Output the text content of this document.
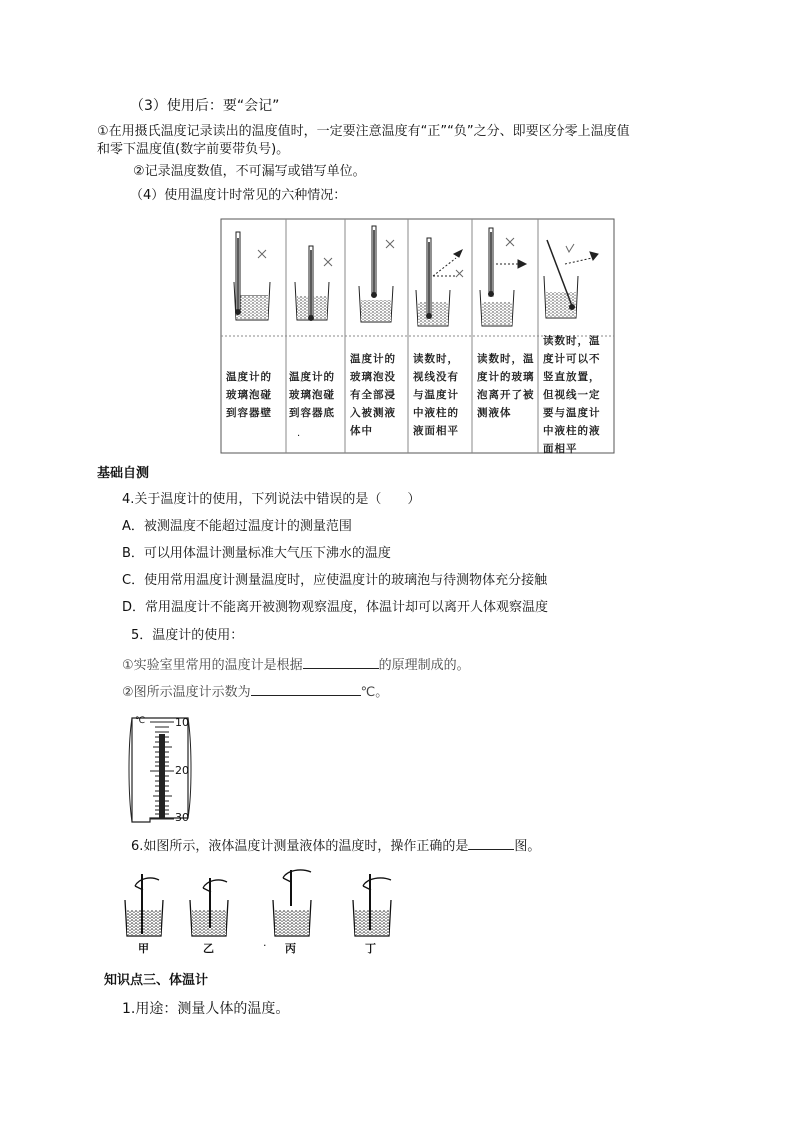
（3）使用后：要“会记”
①在用摄氏温度记录读出的温度值时，一定要注意温度有“正”“负”之分、即要区分零上温度值
和零下温度值(数字前要带负号)。
②记录温度数值，不可漏写或错写单位。
（4）使用温度计时常见的六种情况：
温度计的玻璃泡碰到容器壁
温度计的玻璃泡碰到容器底
.
温度计的玻璃泡没有全部浸入被测液体中
读数时，视线没有与温度计中液柱的液面相平
读数时，温度计的玻璃泡离开了被测液体
读数时，温度计可以不竖直放置，但视线一定要与温度计中液柱的液面相平
基础自测
4.关于温度计的使用，下列说法中错误的是（　　）
A．被测温度不能超过温度计的测量范围
B．可以用体温计测量标准大气压下沸水的温度
C．使用常用温度计测量温度时，应使温度计的玻璃泡与待测物体充分接触
D．常用温度计不能离开被测物观察温度，体温计却可以离开人体观察温度
5．温度计的使用：
①实验室里常用的温度计是根据	的原理制成的。
②图所示温度计示数为	℃。
℃	10
20
30
6.如图所示，液体温度计测量液体的温度时，操作正确的是	图。
甲	乙	. 丙	丁
知识点三、体温计
1.用途：测量人体的温度。
